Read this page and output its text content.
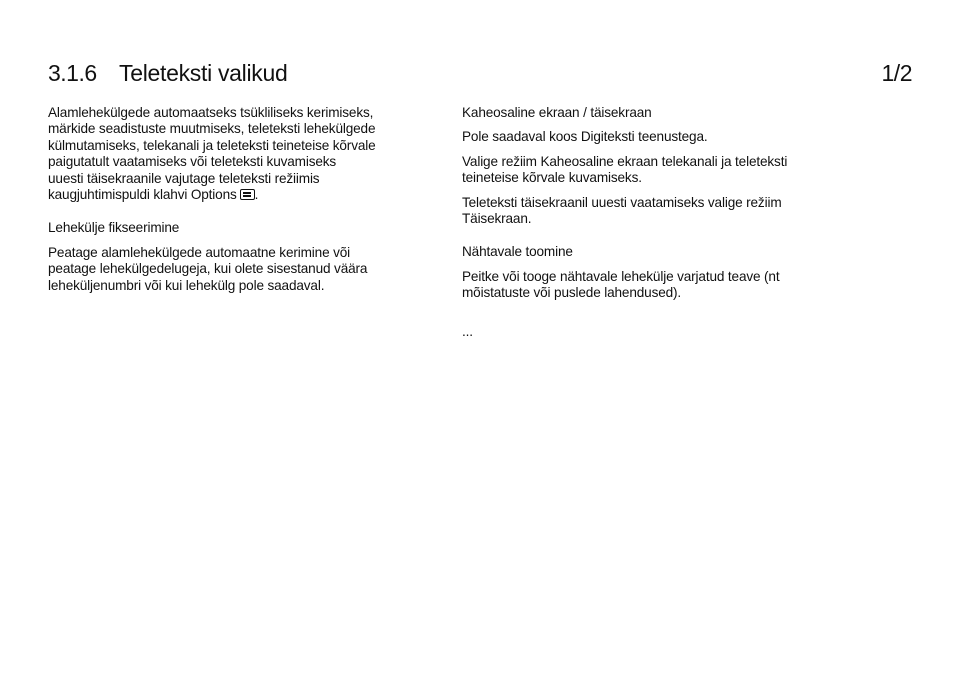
3.1.6 Teleteksti valikud	1/2
Alamlehekülgede automaatseks tsükliliseks kerimiseks,
märkide seadistuste muutmiseks, teleteksti lehekülgede
külmutamiseks, telekanali ja teleteksti teineteise kõrvale
paigutatult vaatamiseks või teleteksti kuvamiseks
uuesti täisekraanile vajutage teleteksti režiimis
kaugjuhtimispuldi klahvi Options .
Lehekülje fikseerimine
Peatage alamlehekülgede automaatne kerimine või
peatage lehekülgedelugeja, kui olete sisestanud väära
leheküljenumbri või kui lehekülg pole saadaval.
Kaheosaline ekraan / täisekraan
Pole saadaval koos Digiteksti teenustega.
Valige režiim Kaheosaline ekraan telekanali ja teleteksti
teineteise kõrvale kuvamiseks.
Teleteksti täisekraanil uuesti vaatamiseks valige režiim
Täisekraan.
Nähtavale toomine
Peitke või tooge nähtavale lehekülje varjatud teave (nt
mõistatuste või puslede lahendused).
...
